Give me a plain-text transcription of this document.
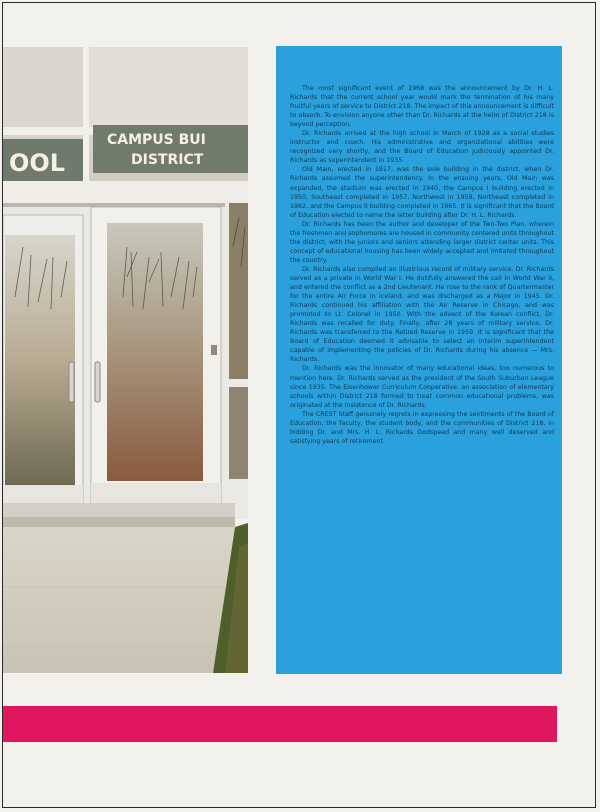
OOL
CAMPUS BUI
DISTRICT

The most significant event of 1968 was the announcement by Dr. H. L. Richards that the current school year would mark the termination of his many fruitful years of service to District 218. The impact of this announcement is difficult to absorb. To envision anyone other than Dr. Richards at the helm of District 218 is beyond perception.

Dr. Richards arrived at the high school in March of 1928 as a social studies instructor and coach. His administrative and organizational abilities were recognized very shortly, and the Board of Education judiciously appointed Dr. Richards as superintendent in 1935.

Old Main, erected in 1917, was the sole building in the district, when Dr. Richards assumed the superintendency. In the ensuing years, Old Main was expanded, the stadium was erected in 1940, the Campus I building erected in 1950, Southeast completed in 1957, Northwest in 1959, Northeast completed in 1962, and the Campus II building completed in 1965. It is significant that the Board of Education elected to name the latter building after Dr. H. L. Richards.

Dr. Richards has been the author and developer of the Two-Two Plan, wherein the freshmen and sophomores are housed in community centered units throughout the district, with the juniors and seniors attending larger district center units. This concept of educational housing has been widely accepted and imitated throughout the country.

Dr. Richards also compiled an illustrious record of military service. Dr. Richards served as a private in World War I. He dutifully answered the call in World War II, and entered the conflict as a 2nd Lieutenant. He rose to the rank of Quartermaster for the entire Air Force in Iceland, and was discharged as a Major in 1945. Dr. Richards continued his affiliation with the Air Reserve in Chicago, and was promoted to Lt. Colonel in 1950. With the advent of the Korean conflict, Dr. Richards was recalled for duty. Finally, after 28 years of military service, Dr. Richards was transferred to the Retired Reserve in 1959. It is significant that the Board of Education deemed it advisable to select an interim superintendent capable of implementing the policies of Dr. Richards during his absence — Mrs. Richards.

Dr. Richards was the innovator of many educational ideas, too numerous to mention here. Dr. Richards served as the president of the South Suburban League since 1935. The Eisenhower Curriculum Cooperative, an association of elementary schools within District 218 formed to treat common educational problems, was originated at the insistence of Dr. Richards.

The CREST Staff genuinely regrets in expressing the sentiments of the Board of Education, the faculty, the student body, and the communities of District 218, in bidding Dr. and Mrs. H. L. Richards Godspeed and many well deserved and satisfying years of retirement.
